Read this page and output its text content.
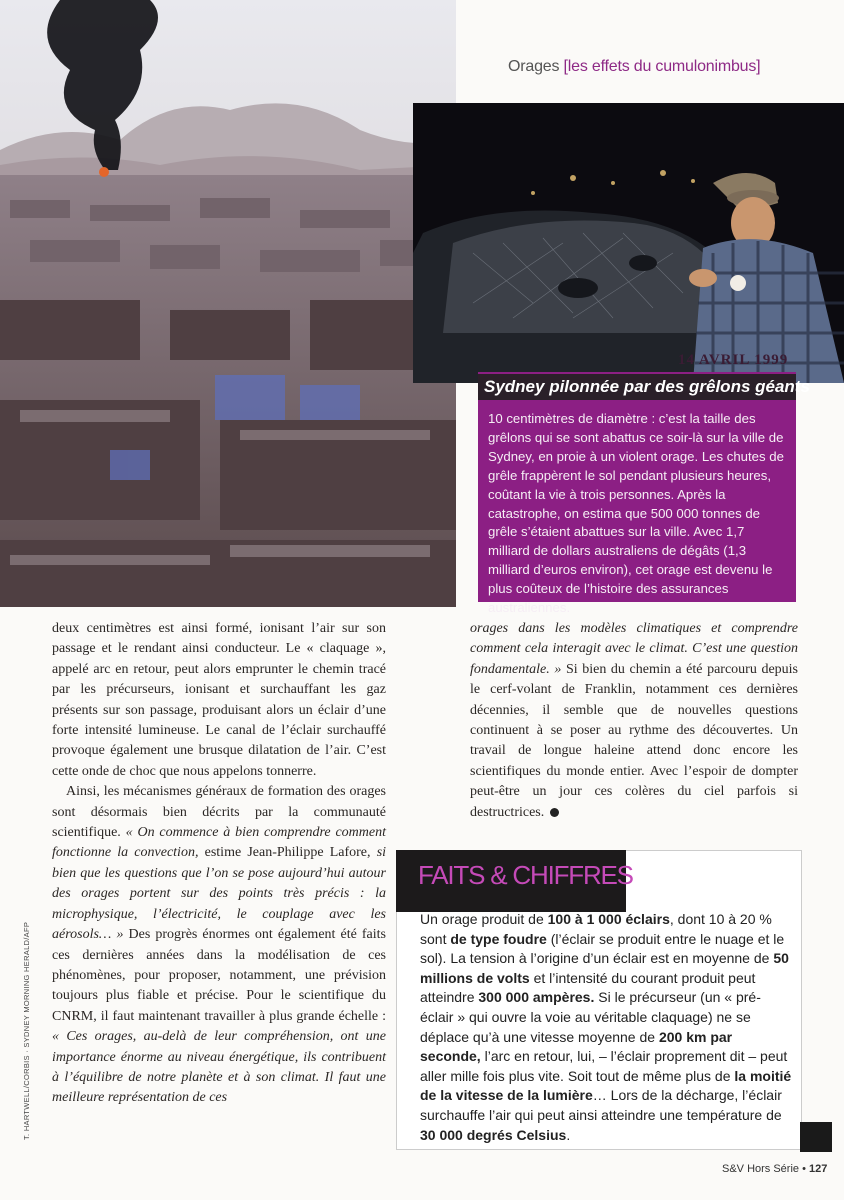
Orages [les effets du cumulonimbus]
14 AVRIL 1999
Sydney pilonnée par des grêlons géants
10 centimètres de diamètre : c’est la taille des grêlons qui se sont abattus ce soir-là sur la ville de Sydney, en proie à un violent orage. Les chutes de grêle frappèrent le sol pendant plusieurs heures, coûtant la vie à trois personnes. Après la catastrophe, on estima que 500 000 tonnes de grêle s’étaient abattues sur la ville. Avec 1,7 milliard de dollars australiens de dégâts (1,3 milliard d’euros environ), cet orage est devenu le plus coûteux de l’histoire des assurances australiennes.
T. HARTWELL/CORBIS · SYDNEY MORNING HERALD/AFP

deux centimètres est ainsi formé, ionisant l’air sur son passage et le rendant ainsi conducteur. Le « claquage », appelé arc en retour, peut alors emprunter le chemin tracé par les précurseurs, ionisant et surchauffant les gaz présents sur son passage, produisant alors un éclair d’une forte intensité lumineuse. Le canal de l’éclair surchauffé provoque également une brusque dilatation de l’air. C’est cette onde de choc que nous appelons tonnerre.

Ainsi, les mécanismes généraux de formation des orages sont désormais bien décrits par la communauté scientifique. « On commence à bien comprendre comment fonctionne la convection, estime Jean-Philippe Lafore, si bien que les questions que l’on se pose aujourd’hui autour des orages portent sur des points très précis : la microphysique, l’électricité, le couplage avec les aérosols… » Des progrès énormes ont également été faits ces dernières années dans la modélisation de ces phénomènes, pour proposer, notamment, une prévision toujours plus fiable et précise. Pour le scientifique du CNRM, il faut maintenant travailler à plus grande échelle : « Ces orages, au-delà de leur compréhension, ont une importance énorme au niveau énergétique, ils contribuent à l’équilibre de notre planète et à son climat. Il faut une meilleure représentation de ces

orages dans les modèles climatiques et comprendre comment cela interagit avec le climat. C’est une question fondamentale. » Si bien du chemin a été parcouru depuis le cerf-volant de Franklin, notamment ces dernières décennies, il semble que de nouvelles questions continuent à se poser au rythme des découvertes. Un travail de longue haleine attend donc encore les scientifiques du monde entier. Avec l’espoir de dompter peut-être un jour ces colères du ciel parfois si destructrices.

FAITS & CHIFFRES
Un orage produit de 100 à 1 000 éclairs, dont 10 à 20 % sont de type foudre (l’éclair se produit entre le nuage et le sol). La tension à l’origine d’un éclair est en moyenne de 50 millions de volts et l’intensité du courant produit peut atteindre 300 000 ampères. Si le précurseur (un « pré-éclair » qui ouvre la voie au véritable claquage) ne se déplace qu’à une vitesse moyenne de 200 km par seconde, l’arc en retour, lui, – l’éclair proprement dit – peut aller mille fois plus vite. Soit tout de même plus de la moitié de la vitesse de la lumière… Lors de la décharge, l’éclair surchauffe l’air qui peut ainsi atteindre une température de 30 000 degrés Celsius.
S&V Hors Série • 127
